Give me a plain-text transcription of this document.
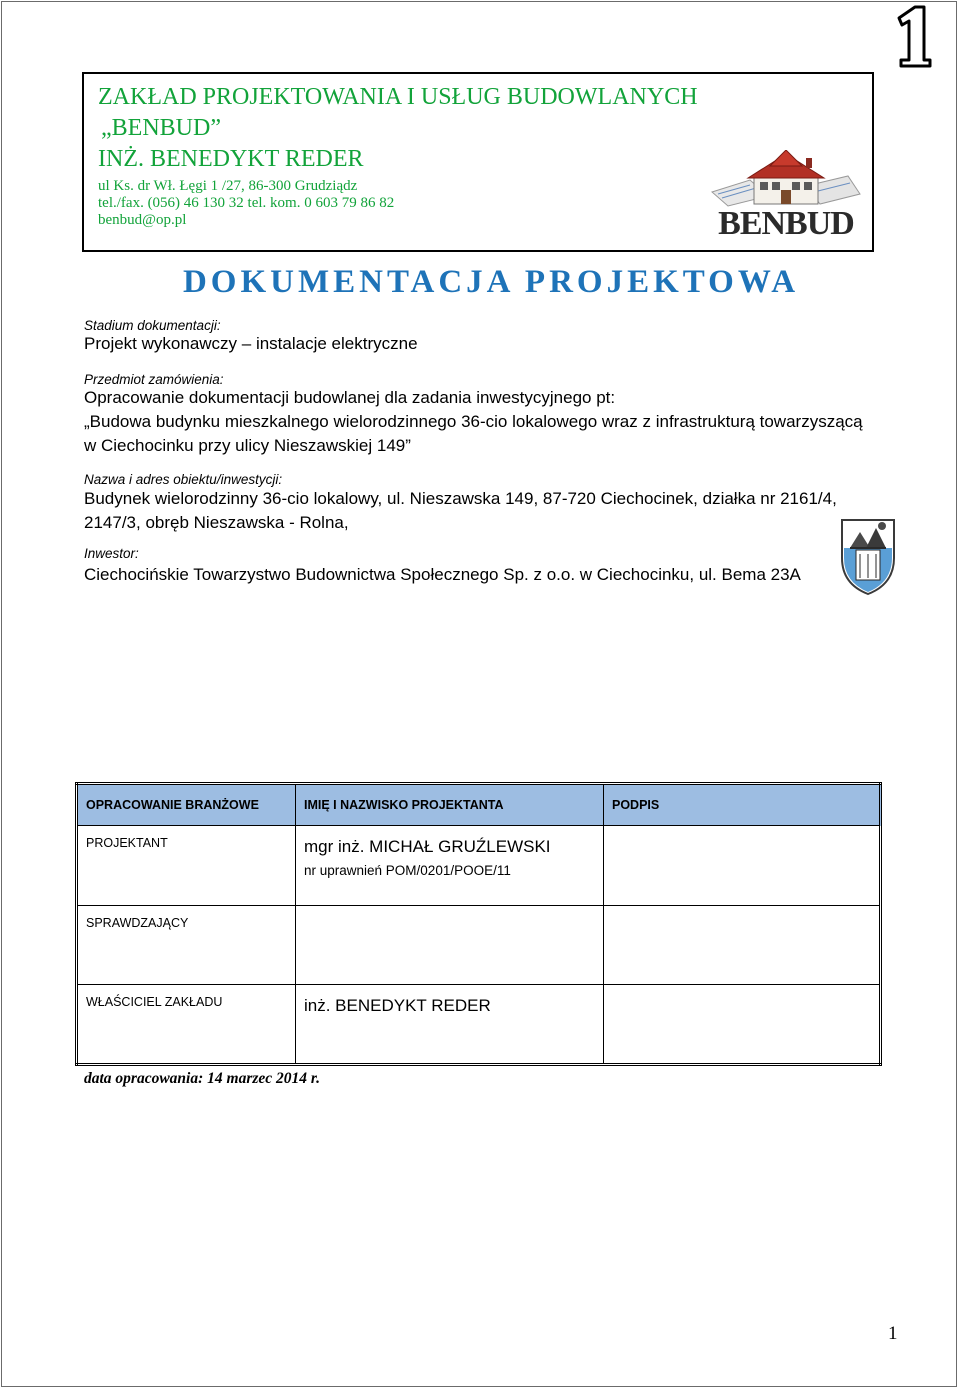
ZAKŁAD PROJEKTOWANIA I USŁUG BUDOWLANYCH
„BENBUD”
INŻ. BENEDYKT REDER
ul Ks. dr Wł. Łęgi 1 /27, 86-300 Grudziądz
tel./fax. (056) 46 130 32 tel. kom. 0 603 79 86 82
benbud@op.pl	BENBUD
DOKUMENTACJA PROJEKTOWA
Stadium dokumentacji:
Projekt wykonawczy – instalacje elektryczne
Przedmiot zamówienia:
Opracowanie dokumentacji budowlanej dla zadania inwestycyjnego pt:
„Budowa budynku mieszkalnego wielorodzinnego 36-cio lokalowego wraz z infrastrukturą towarzyszącą
w Ciechocinku przy ulicy Nieszawskiej 149”
Nazwa i adres obiektu/inwestycji:
Budynek wielorodzinny 36-cio lokalowy, ul. Nieszawska 149, 87-720 Ciechocinek, działka nr 2161/4,
2147/3, obręb Nieszawska - Rolna,
Inwestor:
Ciechocińskie Towarzystwo Budownictwa Społecznego Sp. z o.o. w Ciechocinku, ul. Bema 23A
OPRACOWANIE BRANŻOWE	IMIĘ I NAZWISKO PROJEKTANTA	PODPIS
PROJEKTANT	mgr inż. MICHAŁ GRUŹLEWSKI
nr uprawnień POM/0201/POOE/11	

SPRAWDZAJĄCY	

WŁAŚCICIEL ZAKŁADU	inż. BENEDYKT REDER	

data opracowania: 14 marzec 2014 r.
1
